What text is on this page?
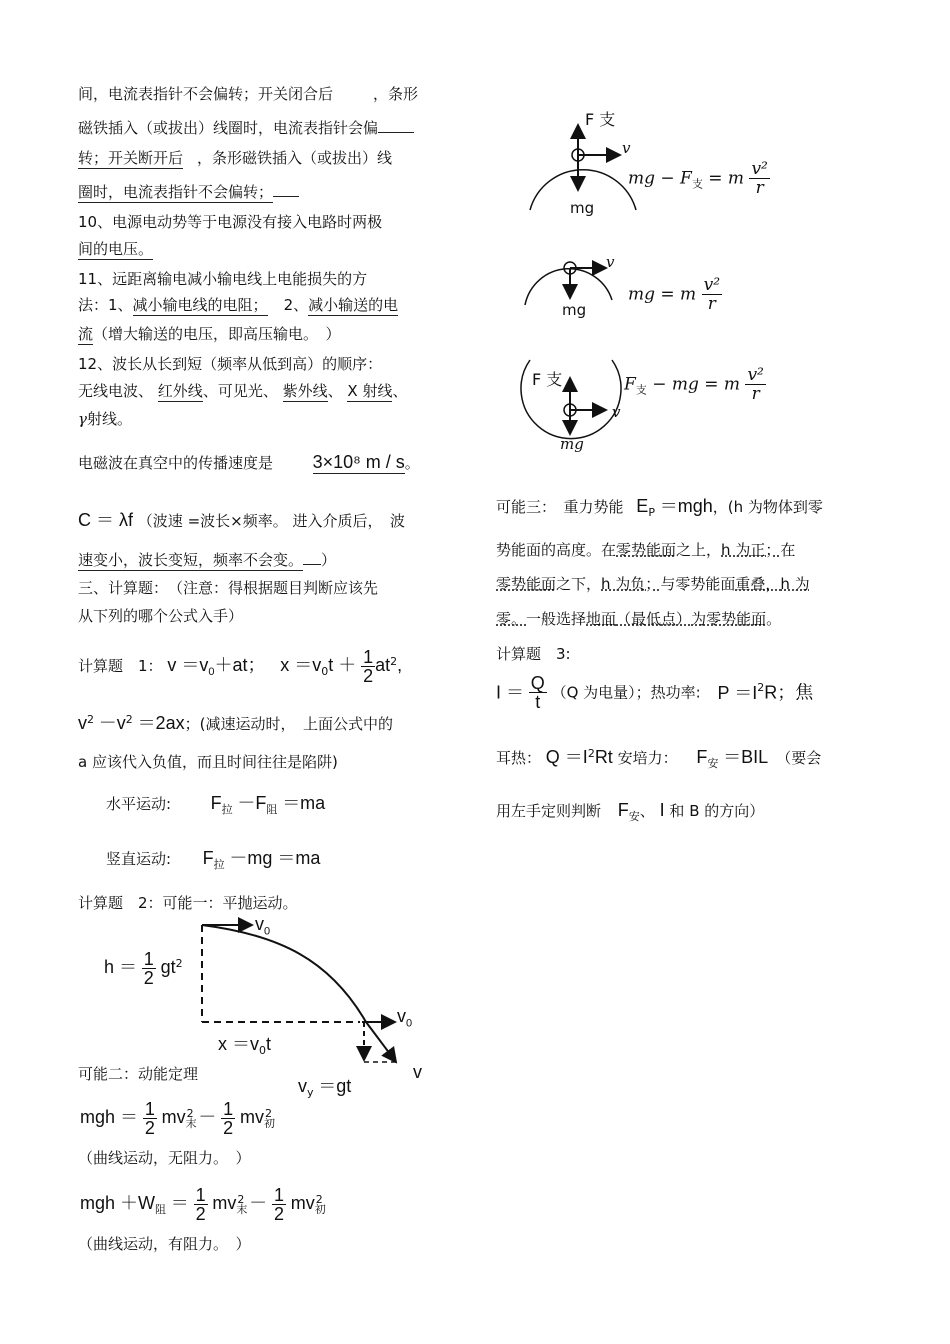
间，电流表指针不会偏转；开关闭合后	，条形
磁铁插入（或拔出）线圈时，电流表指针会偏
转；开关断开后 ，条形磁铁插入（或拔出）线
圈时，电流表指针不会偏转；
10、电源电动势等于电源没有接入电路时两极
间的电压。
11、远距离输电减小输电线上电能损失的方
法：1、减小输电线的电阻； 2、减小输送的电
流（增大输送的电压，即高压输电。　）
12、波长从长到短（频率从低到高）的顺序：
无线电波、 红外线、可见光、 紫外线、 X 射线、
γ射线。
电磁波在真空中的传播速度是 3×10⁸ m / s。
C ＝ λf （波速 =波长×频率。 进入介质后，　波
速变小，波长变短，频率不会变。 ）
三、计算题：　（注意：得根据题目判断应该先
从下列的哪个公式入手）
计算题　1： $v =v_0+at$； $x =v_0t + \frac{1}{2} at^2$,
$v^2 -v^2 =2ax$；(减速运动时，　上面公式中的
a 应该代入负值，而且时间往往是陷阱)
水平运动: $F_拉 -F_阻 =ma$
竖直运动: $F_拉 -mg =ma$
计算题　2：可能一：平抛运动。
$v_0$
$v_0$
v
$h = \frac{1}{2} gt^2$
$x =v_0t$
$v_y =gt$
可能二：动能定理
mgh ＝ $\frac{1}{2} mv_末^2 - \frac{1}{2} mv_初^2$
（曲线运动，无阻力。　）
mgh $+W_阻 = \frac{1}{2} mv_末^2 - \frac{1}{2} mv_初^2$
（曲线运动，有阻力。　）
F 支
v
mg
mg − $F_支 = m \frac{\text{v²}}{r}$
v
mg
mg = m $\frac{\text{v²}}{r}$
F 支
v
mg
$F_支$ − mg = m $\frac{\text{v²}}{r}$
可能三：　重力势能 $E_P =mgh$，(h 为物体到零
势能面的高度。在零势能面之上，h 为正；在
零势能面之下，h 为负；与零势能面重叠，h 为
零。一般选择地面（最低点）为零势能面。
计算题　3:
$I = \frac{Q}{t} (Q$ 为电量）；热功率: $P =I^2R$；焦
耳热： $Q =I^2Rt$ 安培力： $F_安 =BIL$ （要会
用左手定则判断 $F_安$、 I 和 B 的方向）
